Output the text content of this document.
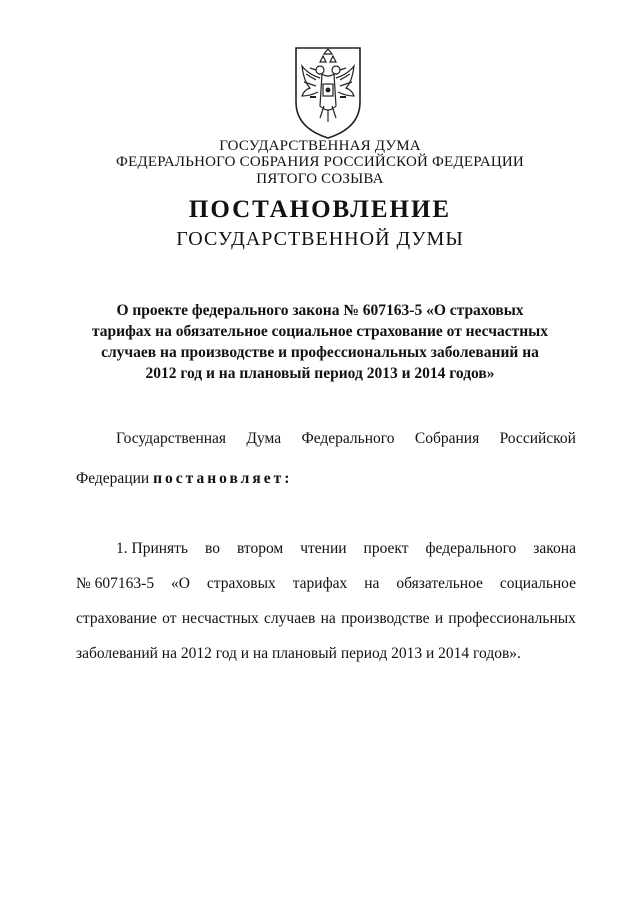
ГОСУДАРСТВЕННАЯ ДУМА
ФЕДЕРАЛЬНОГО СОБРАНИЯ РОССИЙСКОЙ ФЕДЕРАЦИИ
ПЯТОГО СОЗЫВА
ПОСТАНОВЛЕНИЕ
ГОСУДАРСТВЕННОЙ ДУМЫ
О проекте федерального закона № 607163-5 «О страховых
тарифах на обязательное социальное страхование от несчастных
случаев на производстве и профессиональных заболеваний на
2012 год и на плановый период 2013 и 2014 годов»
Государственная Дума Федерального Собрания Российской
Федерации постановляет:
1. Принять во втором чтении проект федерального закона
№ 607163-5 «О страховых тарифах на обязательное социальное
страхование от несчастных случаев на производстве и профессиональных
заболеваний на 2012 год и на плановый период 2013 и 2014 годов».
